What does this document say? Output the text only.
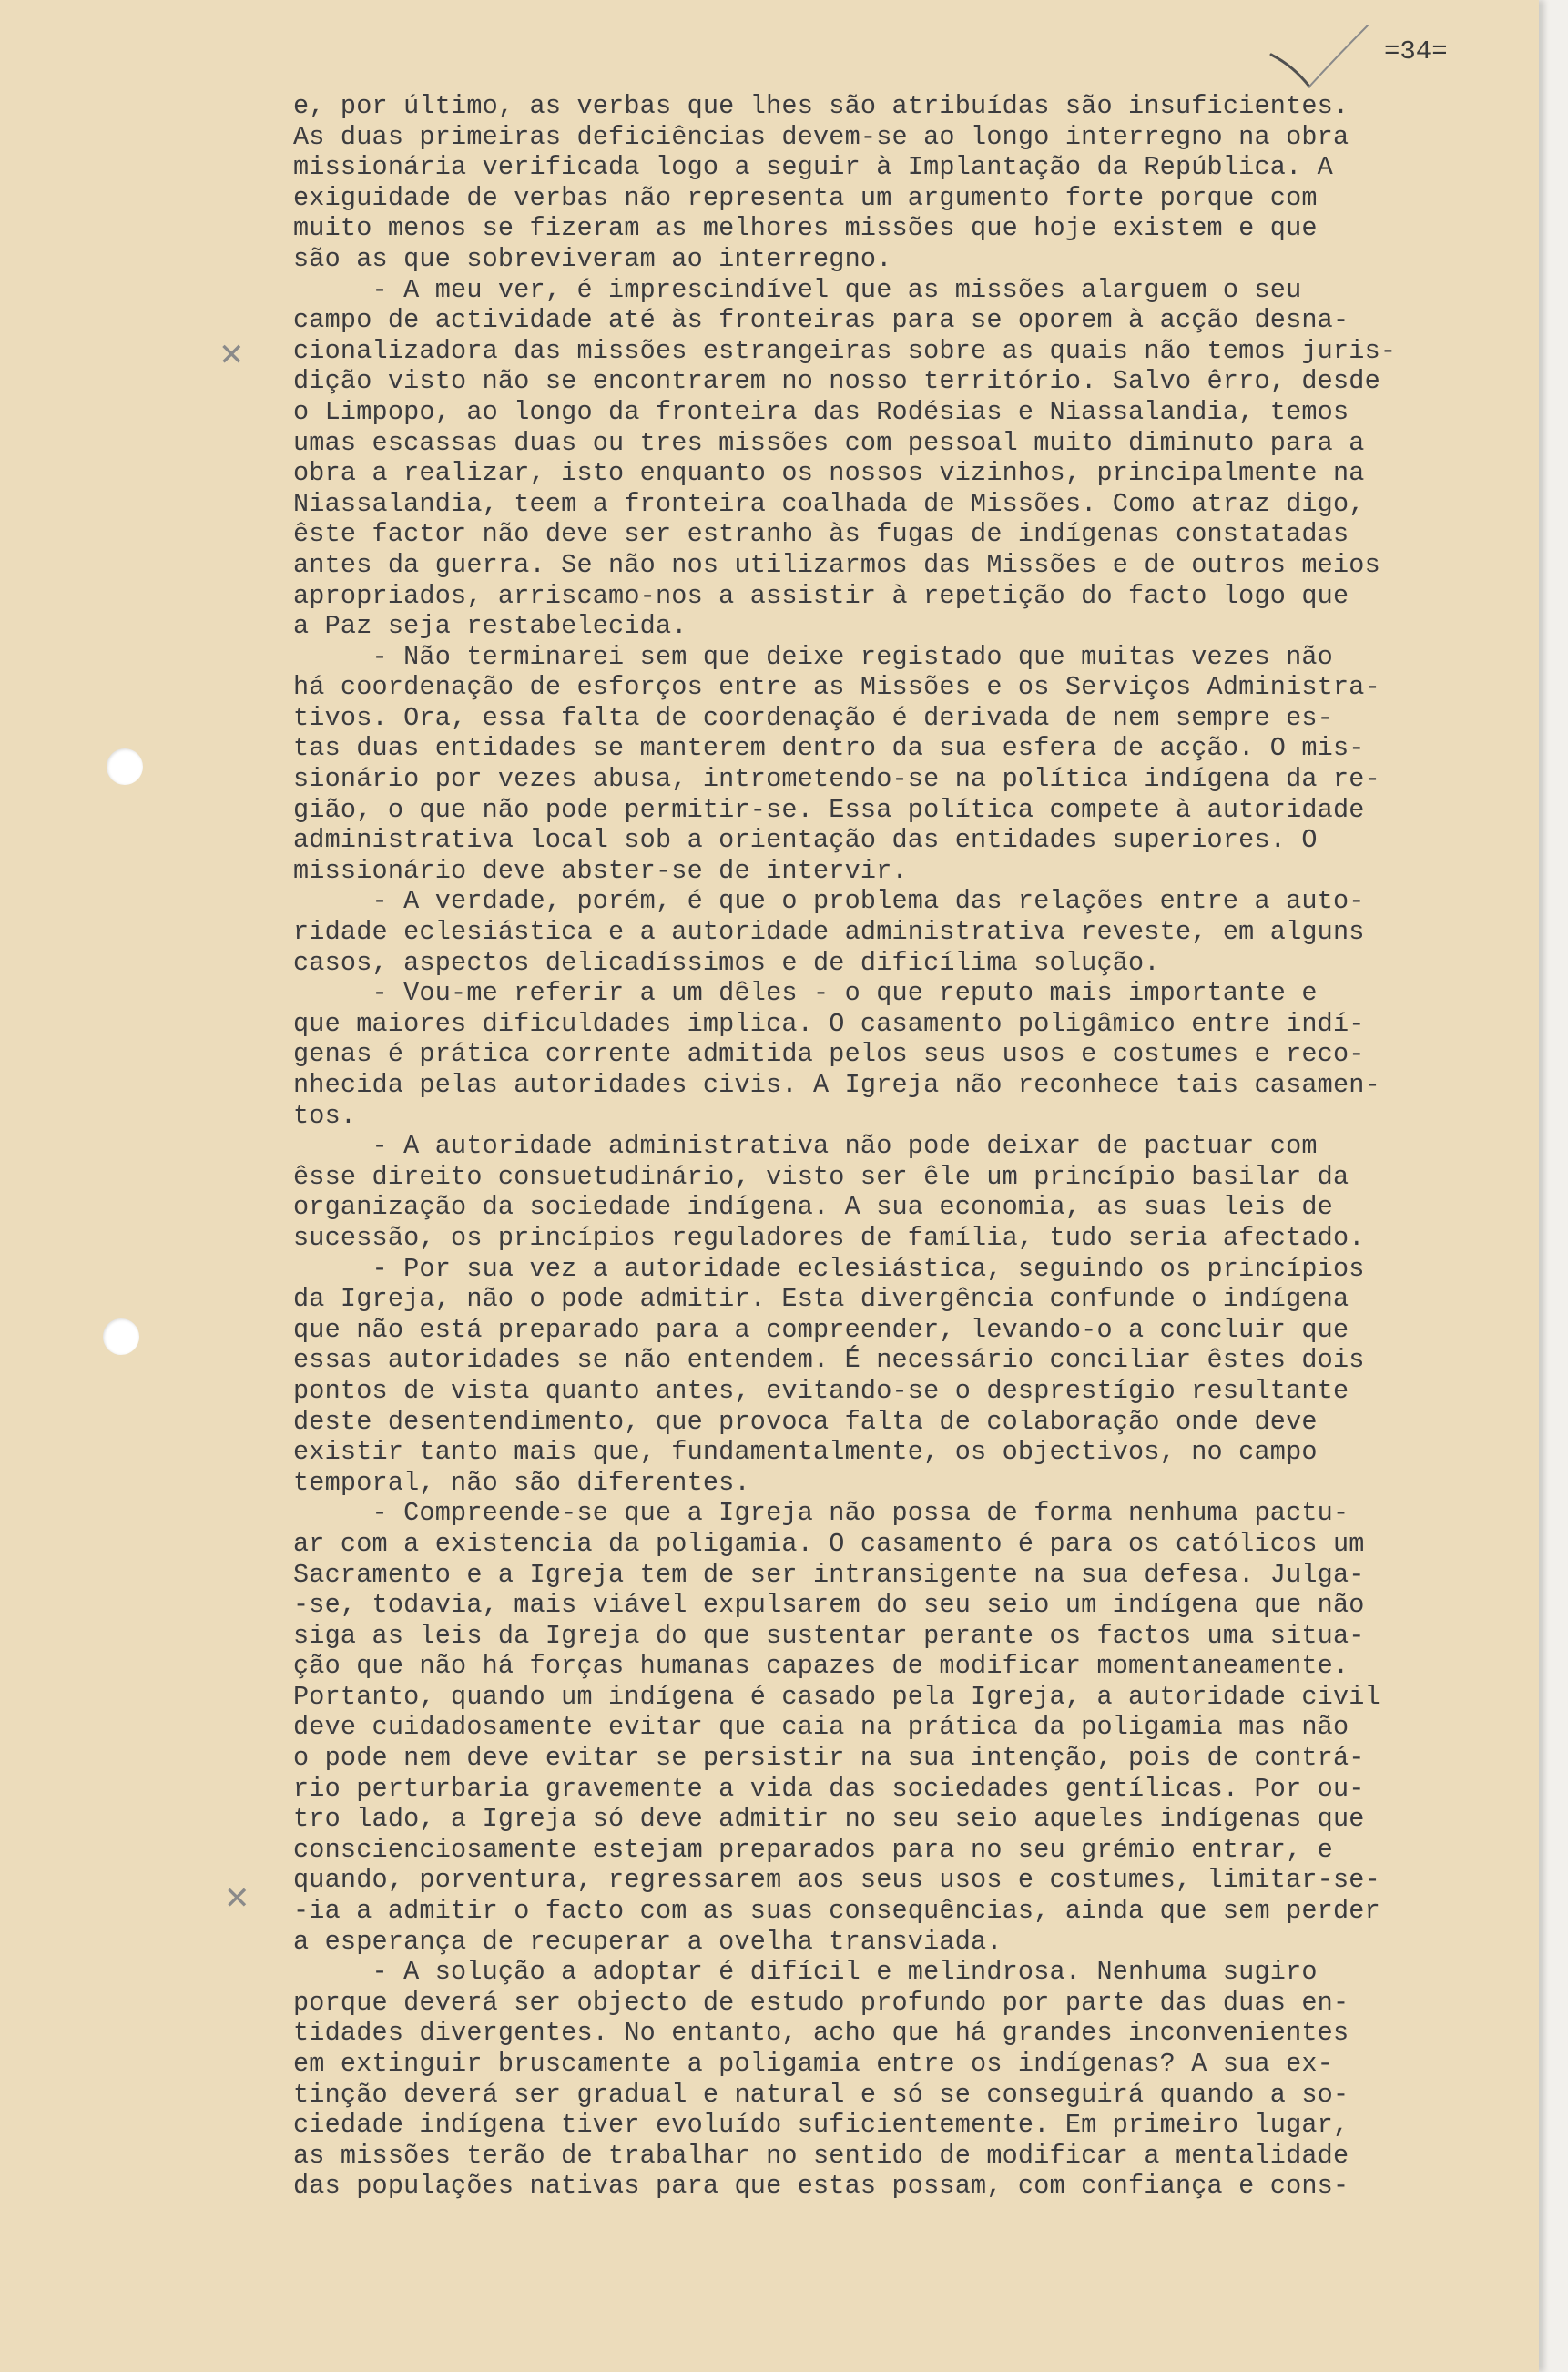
=34=
✕
✕
e, por último, as verbas que lhes são atribuídas são insuficientes.
As duas primeiras deficiências devem-se ao longo interregno na obra
missionária verificada logo a seguir à Implantação da República. A
exiguidade de verbas não representa um argumento forte porque com
muito menos se fizeram as melhores missões que hoje existem e que
são as que sobreviveram ao interregno.
- A meu ver, é imprescindível que as missões alarguem o seu
campo de actividade até às fronteiras para se oporem à acção desna-
cionalizadora das missões estrangeiras sobre as quais não temos juris-
dição visto não se encontrarem no nosso território. Salvo êrro, desde
o Limpopo, ao longo da fronteira das Rodésias e Niassalandia, temos
umas escassas duas ou tres missões com pessoal muito diminuto para a
obra a realizar, isto enquanto os nossos vizinhos, principalmente na
Niassalandia, teem a fronteira coalhada de Missões. Como atraz digo,
êste factor não deve ser estranho às fugas de indígenas constatadas
antes da guerra. Se não nos utilizarmos das Missões e de outros meios
apropriados, arriscamo-nos a assistir à repetição do facto logo que
a Paz seja restabelecida.
- Não terminarei sem que deixe registado que muitas vezes não
há coordenação de esforços entre as Missões e os Serviços Administra-
tivos. Ora, essa falta de coordenação é derivada de nem sempre es-
tas duas entidades se manterem dentro da sua esfera de acção. O mis-
sionário por vezes abusa, intrometendo-se na política indígena da re-
gião, o que não pode permitir-se. Essa política compete à autoridade
administrativa local sob a orientação das entidades superiores. O
missionário deve abster-se de intervir.
- A verdade, porém, é que o problema das relações entre a auto-
ridade eclesiástica e a autoridade administrativa reveste, em alguns
casos, aspectos delicadíssimos e de dificílima solução.
- Vou-me referir a um dêles - o que reputo mais importante e
que maiores dificuldades implica. O casamento poligâmico entre indí-
genas é prática corrente admitida pelos seus usos e costumes e reco-
nhecida pelas autoridades civis. A Igreja não reconhece tais casamen-
tos.
- A autoridade administrativa não pode deixar de pactuar com
êsse direito consuetudinário, visto ser êle um princípio basilar da
organização da sociedade indígena. A sua economia, as suas leis de
sucessão, os princípios reguladores de família, tudo seria afectado.
- Por sua vez a autoridade eclesiástica, seguindo os princípios
da Igreja, não o pode admitir. Esta divergência confunde o indígena
que não está preparado para a compreender, levando-o a concluir que
essas autoridades se não entendem. É necessário conciliar êstes dois
pontos de vista quanto antes, evitando-se o desprestígio resultante
deste desentendimento, que provoca falta de colaboração onde deve
existir tanto mais que, fundamentalmente, os objectivos, no campo
temporal, não são diferentes.
- Compreende-se que a Igreja não possa de forma nenhuma pactu-
ar com a existencia da poligamia. O casamento é para os católicos um
Sacramento e a Igreja tem de ser intransigente na sua defesa. Julga-
-se, todavia, mais viável expulsarem do seu seio um indígena que não
siga as leis da Igreja do que sustentar perante os factos uma situa-
ção que não há forças humanas capazes de modificar momentaneamente.
Portanto, quando um indígena é casado pela Igreja, a autoridade civil
deve cuidadosamente evitar que caia na prática da poligamia mas não
o pode nem deve evitar se persistir na sua intenção, pois de contrá-
rio perturbaria gravemente a vida das sociedades gentílicas. Por ou-
tro lado, a Igreja só deve admitir no seu seio aqueles indígenas que
conscienciosamente estejam preparados para no seu grémio entrar, e
quando, porventura, regressarem aos seus usos e costumes, limitar-se-
-ia a admitir o facto com as suas consequências, ainda que sem perder
a esperança de recuperar a ovelha transviada.
- A solução a adoptar é difícil e melindrosa. Nenhuma sugiro
porque deverá ser objecto de estudo profundo por parte das duas en-
tidades divergentes. No entanto, acho que há grandes inconvenientes
em extinguir bruscamente a poligamia entre os indígenas? A sua ex-
tinção deverá ser gradual e natural e só se conseguirá quando a so-
ciedade indígena tiver evoluído suficientemente. Em primeiro lugar,
as missões terão de trabalhar no sentido de modificar a mentalidade
das populações nativas para que estas possam, com confiança e cons-
